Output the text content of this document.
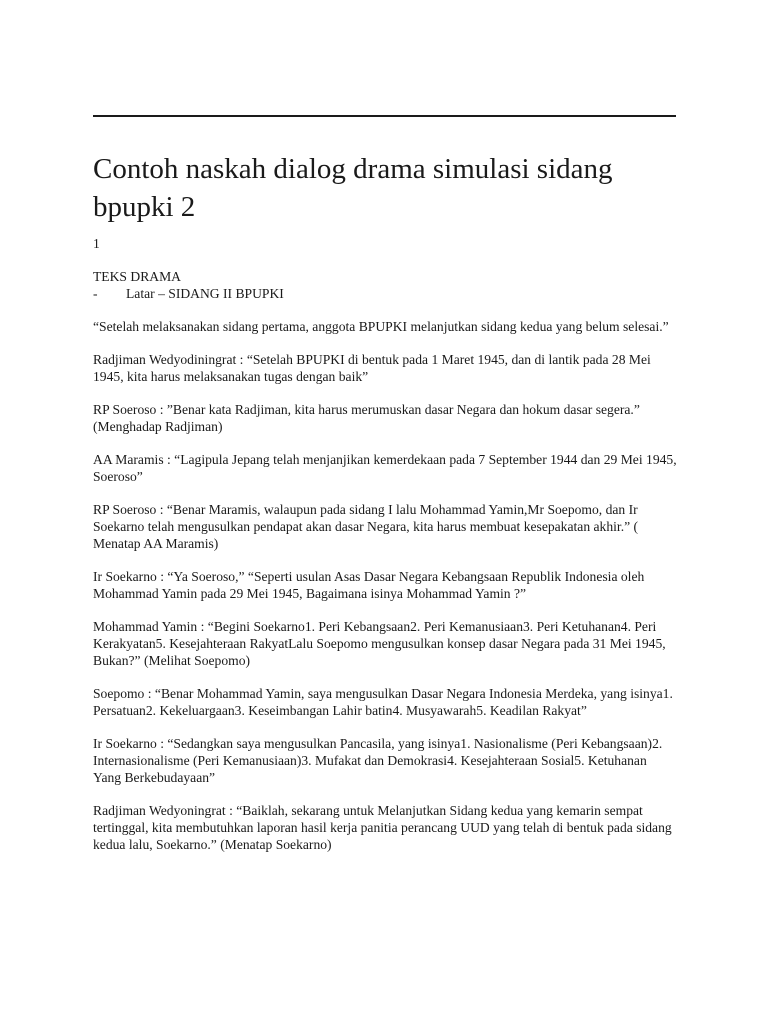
Contoh naskah dialog drama simulasi sidang bpupki 2
1
TEKS DRAMA
-	Latar – SIDANG II BPUPKI
“Setelah melaksanakan sidang pertama, anggota BPUPKI melanjutkan sidang kedua yang belum selesai.”
Radjiman Wedyodiningrat : “Setelah BPUPKI di bentuk pada 1 Maret 1945, dan di lantik pada 28 Mei 1945, kita harus melaksanakan tugas dengan baik”
RP Soeroso : ”Benar kata Radjiman, kita harus merumuskan dasar Negara dan hokum dasar segera.” (Menghadap Radjiman)
AA Maramis : “Lagipula Jepang telah menjanjikan kemerdekaan pada 7 September 1944 dan 29 Mei 1945, Soeroso”
RP Soeroso : “Benar Maramis, walaupun pada sidang I lalu Mohammad Yamin,Mr Soepomo, dan Ir Soekarno telah mengusulkan pendapat akan dasar Negara, kita harus membuat kesepakatan akhir.” ( Menatap AA Maramis)
Ir Soekarno : “Ya Soeroso,” “Seperti usulan Asas Dasar Negara Kebangsaan Republik Indonesia oleh Mohammad Yamin pada 29 Mei 1945, Bagaimana isinya Mohammad Yamin ?”
Mohammad Yamin : “Begini Soekarno1. Peri Kebangsaan2. Peri Kemanusiaan3. Peri Ketuhanan4. Peri Kerakyatan5. Kesejahteraan RakyatLalu Soepomo mengusulkan konsep dasar Negara pada 31 Mei 1945, Bukan?” (Melihat Soepomo)
Soepomo : “Benar Mohammad Yamin, saya mengusulkan Dasar Negara Indonesia Merdeka, yang isinya1. Persatuan2. Kekeluargaan3. Keseimbangan Lahir batin4. Musyawarah5. Keadilan Rakyat”
Ir Soekarno : “Sedangkan saya mengusulkan Pancasila, yang isinya1. Nasionalisme (Peri Kebangsaan)2. Internasionalisme (Peri Kemanusiaan)3. Mufakat dan Demokrasi4. Kesejahteraan Sosial5. Ketuhanan Yang Berkebudayaan”
Radjiman Wedyoningrat : “Baiklah, sekarang untuk Melanjutkan Sidang kedua yang kemarin sempat tertinggal, kita membutuhkan laporan hasil kerja panitia perancang UUD yang telah di bentuk pada sidang kedua lalu, Soekarno.” (Menatap Soekarno)
